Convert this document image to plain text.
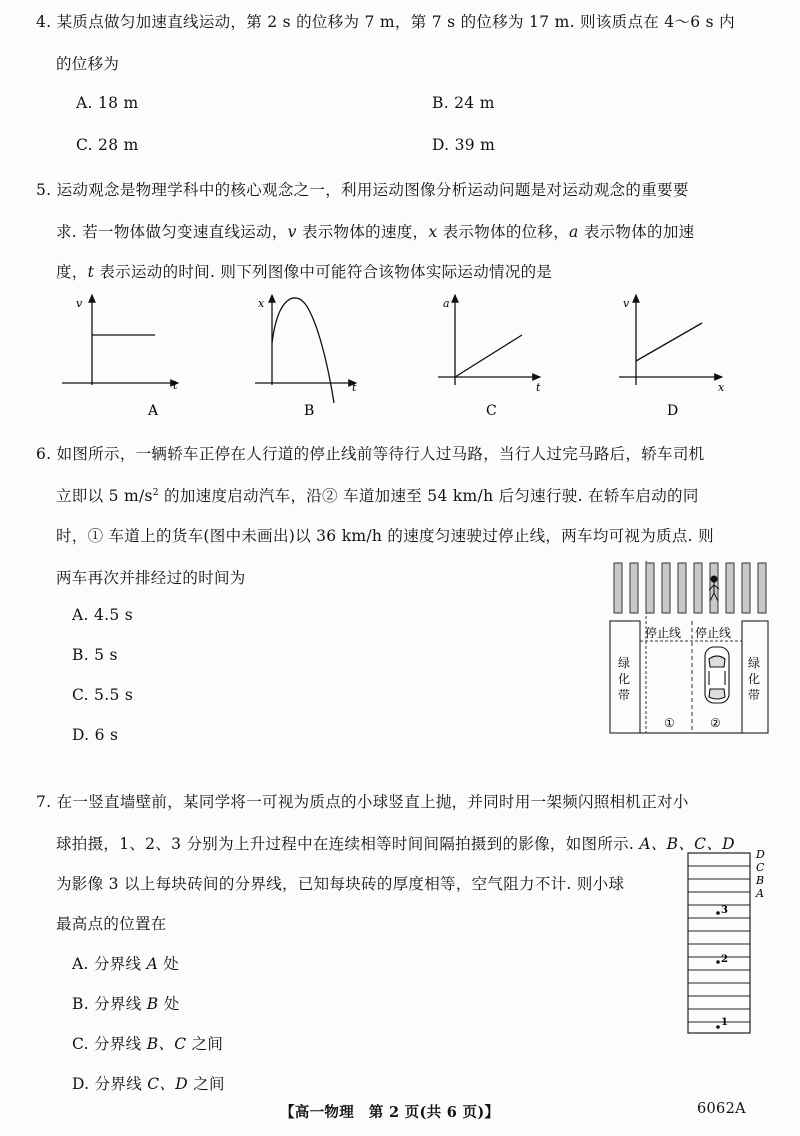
4. 某质点做匀加速直线运动，第 2 s 的位移为 7 m，第 7 s 的位移为 17 m. 则该质点在 4～6 s 内
的位移为
A. 18 m	B. 24 m
C. 28 m	D. 39 m
5. 运动观念是物理学科中的核心观念之一，利用运动图像分析运动问题是对运动观念的重要要
求. 若一物体做匀变速直线运动，v 表示物体的速度，x 表示物体的位移，a 表示物体的加速
度，t 表示运动的时间. 则下列图像中可能符合该物体实际运动情况的是
v
t
A
x
t
B
a
t
C
v
x
D
6. 如图所示，一辆轿车正停在人行道的停止线前等待行人过马路，当行人过完马路后，轿车司机
立即以 5 $m/s^2$ 的加速度启动汽车，沿② 车道加速至 54 km/h 后匀速行驶. 在轿车启动的同
时，① 车道上的货车(图中未画出)以 36 km/h 的速度匀速驶过停止线，两车均可视为质点. 则
两车再次并排经过的时间为
A. 4.5 s
B. 5 s
C. 5.5 s
D. 6 s
停止线 停止线
绿
化
带
绿
化
带
①	②
7. 在一竖直墙壁前，某同学将一可视为质点的小球竖直上抛，并同时用一架频闪照相机正对小
球拍摄，1、2、3 分别为上升过程中在连续相等时间间隔拍摄到的影像，如图所示. A、B、C、D
为影像 3 以上每块砖间的分界线，已知每块砖的厚度相等，空气阻力不计. 则小球
最高点的位置在
A. 分界线 A 处
B. 分界线 B 处
C. 分界线 B、C 之间
D. 分界线 C、D 之间
D
C
B
A
3
2
1
【高一物理　第 2 页(共 6 页)】	6062A
